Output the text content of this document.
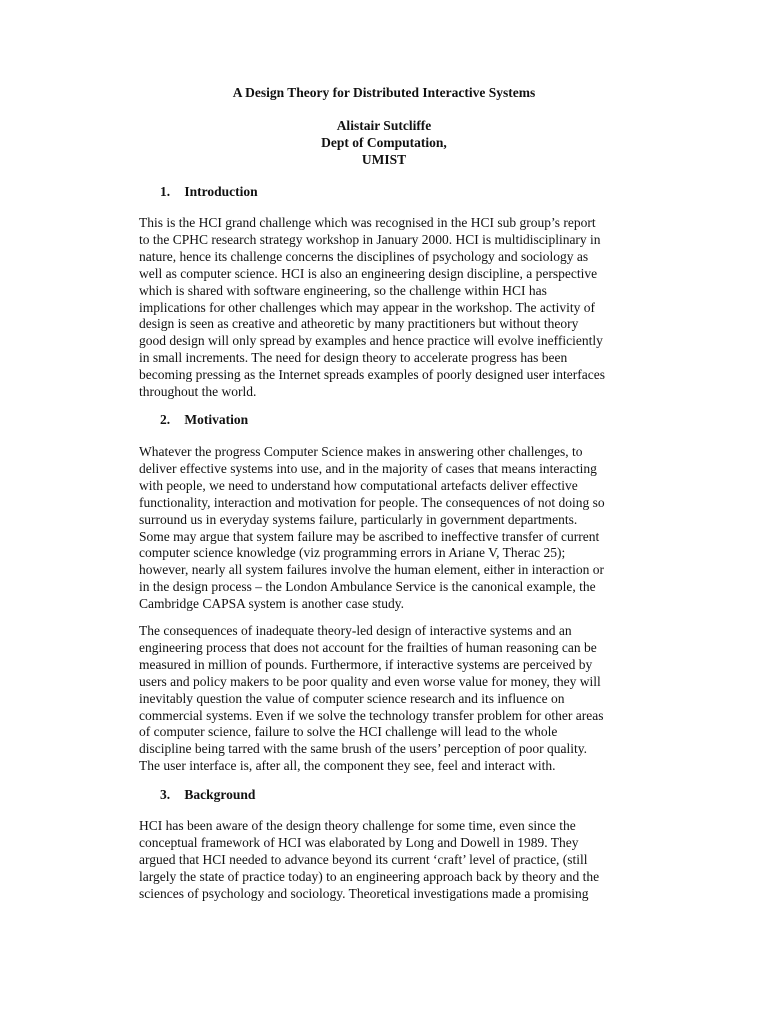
A Design Theory for Distributed Interactive Systems
Alistair Sutcliffe
Dept of Computation,
UMIST
1. Introduction
This is the HCI grand challenge which was recognised in the HCI sub group’s report
to the CPHC research strategy workshop in January 2000. HCI is multidisciplinary in
nature, hence its challenge concerns the disciplines of psychology and sociology as
well as computer science. HCI is also an engineering design discipline, a perspective
which is shared with software engineering, so the challenge within HCI has
implications for other challenges which may appear in the workshop. The activity of
design is seen as creative and atheoretic by many practitioners but without theory
good design will only spread by examples and hence practice will evolve inefficiently
in small increments. The need for design theory to accelerate progress has been
becoming pressing as the Internet spreads examples of poorly designed user interfaces
throughout the world.
2. Motivation
Whatever the progress Computer Science makes in answering other challenges, to
deliver effective systems into use, and in the majority of cases that means interacting
with people, we need to understand how computational artefacts deliver effective
functionality, interaction and motivation for people. The consequences of not doing so
surround us in everyday systems failure, particularly in government departments.
Some may argue that system failure may be ascribed to ineffective transfer of current
computer science knowledge (viz programming errors in Ariane V, Therac 25);
however, nearly all system failures involve the human element, either in interaction or
in the design process – the London Ambulance Service is the canonical example, the
Cambridge CAPSA system is another case study.
The consequences of inadequate theory-led design of interactive systems and an
engineering process that does not account for the frailties of human reasoning can be
measured in million of pounds. Furthermore, if interactive systems are perceived by
users and policy makers to be poor quality and even worse value for money, they will
inevitably question the value of computer science research and its influence on
commercial systems. Even if we solve the technology transfer problem for other areas
of computer science, failure to solve the HCI challenge will lead to the whole
discipline being tarred with the same brush of the users’ perception of poor quality.
The user interface is, after all, the component they see, feel and interact with.
3. Background
HCI has been aware of the design theory challenge for some time, even since the
conceptual framework of HCI was elaborated by Long and Dowell in 1989. They
argued that HCI needed to advance beyond its current ‘craft’ level of practice, (still
largely the state of practice today) to an engineering approach back by theory and the
sciences of psychology and sociology. Theoretical investigations made a promising
